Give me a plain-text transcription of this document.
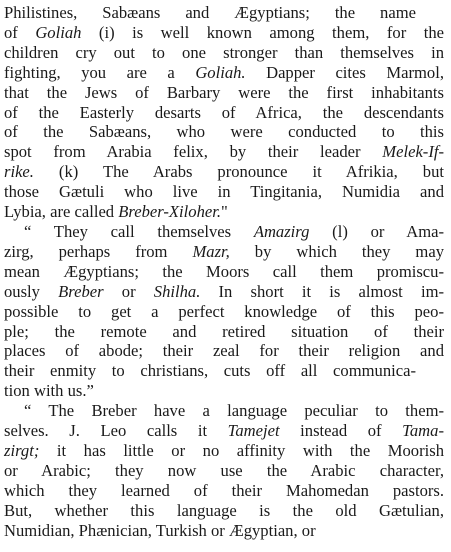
Philistines, Sabæans and Ægyptians; the name
of Goliah (i) is well known among them, for the
children cry out to one stronger than themselves in
fighting, you are a Goliah. Dapper cites Marmol,
that the Jews of Barbary were the first inhabitants
of the Easterly desarts of Africa, the descendants
of the Sabæans, who were conducted to this
spot from Arabia felix, by their leader Melek-If-
rike. (k) The Arabs pronounce it Afrikia, but
those Gætuli who live in Tingitania, Numidia and
Lybia, are called Breber-Xiloher."
“ They call themselves Amazirg (l) or Ama-
zirg, perhaps from Mazr, by which they may
mean Ægyptians; the Moors call them promiscu-
ously Breber or Shilha. In short it is almost im-
possible to get a perfect knowledge of this peo-
ple; the remote and retired situation of their
places of abode; their zeal for their religion and
their enmity to christians, cuts off all communica-
tion with us.”
“ The Breber have a language peculiar to them-
selves. J. Leo calls it Tamejet instead of Tama-
zirgt; it has little or no affinity with the Moorish
or Arabic; they now use the Arabic character,
which they learned of their Mahomedan pastors.
But, whether this language is the old Gætulian,
Numidian, Phænician, Turkish or Ægyptian, or
